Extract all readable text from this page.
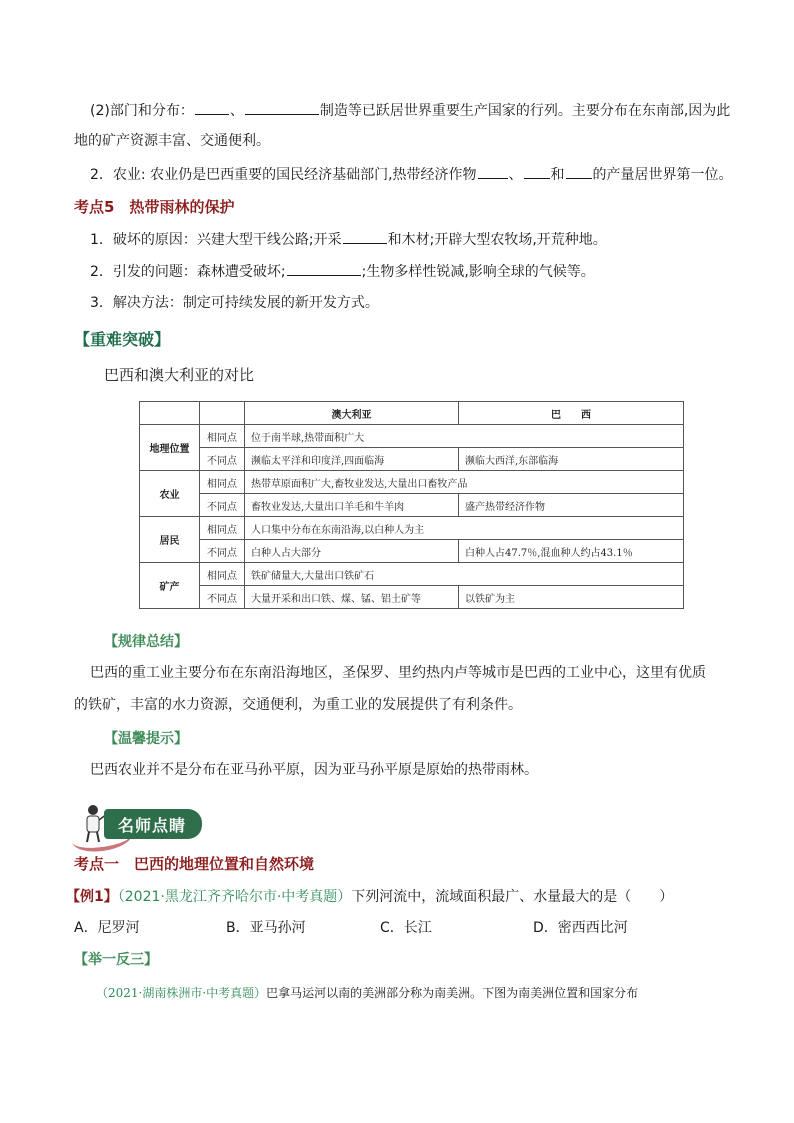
(2)部门和分布：	、	制造等已跃居世界重要生产国家的行列。主要分布在东南部,因为此
地的矿产资源丰富、交通便利。
2．农业: 农业仍是巴西重要的国民经济基础部门,热带经济作物 、 和 的产量居世界第一位。
考点5　热带雨林的保护
1．破坏的原因：兴建大型干线公路;开采	和木材;开辟大型农牧场,开荒种地。
2．引发的问题：森林遭受破坏;	;生物多样性锐减,影响全球的气候等。
3．解决方法：制定可持续发展的新开发方式。
【重难突破】
巴西和澳大利亚的对比
		澳大利亚	巴　　西
地理位置	相同点	位于南半球,热带面积广大	
	不同点	濒临太平洋和印度洋,四面临海	濒临大西洋,东部临海
农业	相同点	热带草原面积广大,畜牧业发达,大量出口畜牧产品	
	不同点	畜牧业发达,大量出口羊毛和牛羊肉	盛产热带经济作物
居民	相同点	人口集中分布在东南沿海,以白种人为主	
	不同点	白种人占大部分	白种人占47.7％,混血种人约占43.1％
矿产	相同点	铁矿储量大,大量出口铁矿石	
	不同点	大量开采和出口铁、煤、锰、铝土矿等	以铁矿为主
【规律总结】
巴西的重工业主要分布在东南沿海地区，圣保罗、里约热内卢等城市是巴西的工业中心，这里有优质
的铁矿，丰富的水力资源，交通便利，为重工业的发展提供了有利条件。
【温馨提示】
巴西农业并不是分布在亚马孙平原，因为亚马孙平原是原始的热带雨林。
名师点睛
考点一　巴西的地理位置和自然环境
【例1】（2021·黑龙江齐齐哈尔市·中考真题）下列河流中，流域面积最广、水量最大的是（　　）
A．尼罗河	B．亚马孙河	C．长江	D．密西西比河
【举一反三】
（2021·湖南株洲市·中考真题）巴拿马运河以南的美洲部分称为南美洲。下图为南美洲位置和国家分布
